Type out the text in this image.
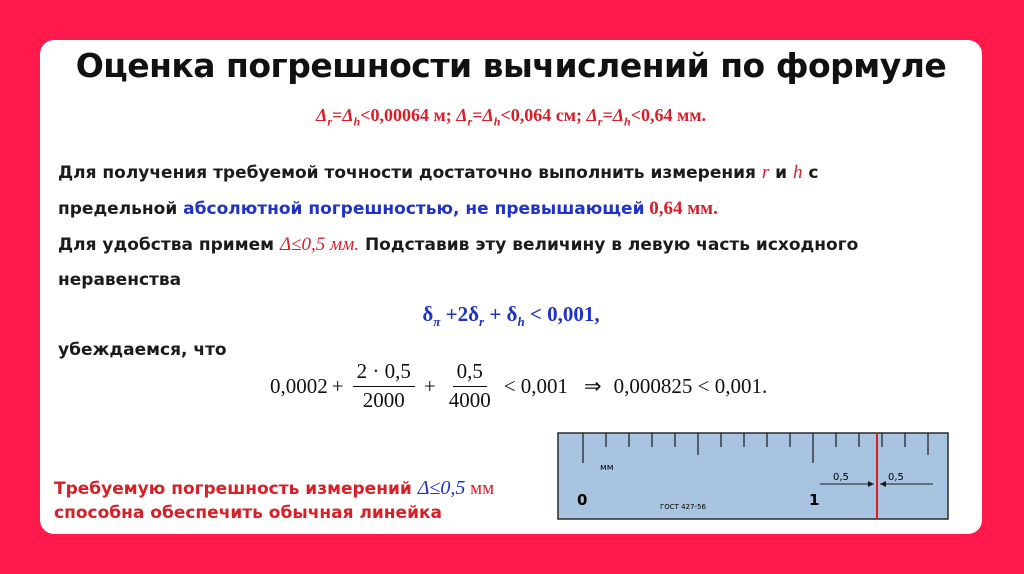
Оценка погрешности вычислений по формуле
$\Delta_r=\Delta_h<0,00064$ м; $\Delta_r=\Delta_h<0,064$ см; $\Delta_r=\Delta_h<0,64$ мм.
Для получения требуемой точности достаточно выполнить измерения r и h с
предельной абсолютной погрешностью, не превышающей 0,64 мм.
Для удобства примем Δ≤0,5 мм. Подставив эту величину в левую часть исходного
неравенства
$\delta_\pi +2\delta_r + \delta_h < 0,001$,
убеждаемся, что
$0,0002 + \frac{2 \cdot 0,5}{2000} + \frac{0,5}{4000} < 0,001$ ⇒ 0,000825 < 0,001.
Требуемую погрешность измерений Δ≤0,5 мм
способна обеспечить обычная линейка
мм
0	1
ГОСТ 427-56
0,5	0,5
